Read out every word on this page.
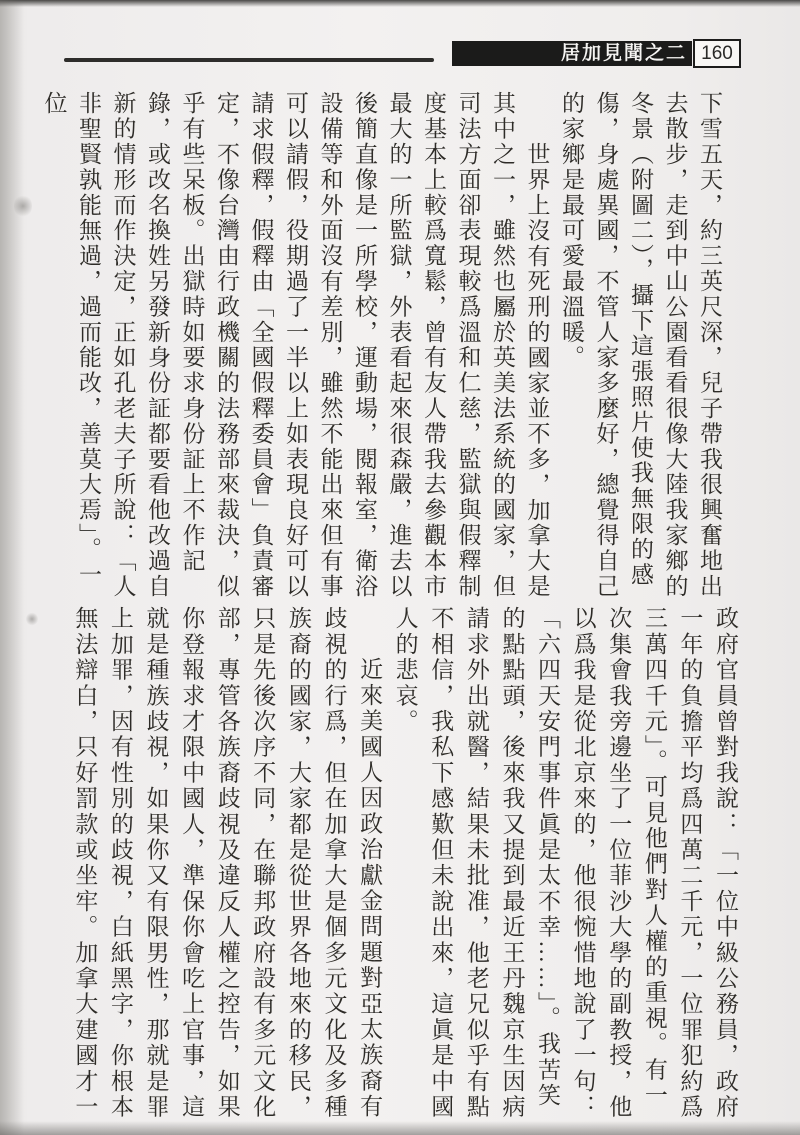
居加見聞之二 160

下雪五天，約三英尺深，兒子帶我很興奮地出去散步，走到中山公園看看很像大陸我家鄉的冬景（附圖二），攝下這張照片使我無限的感傷，身處異國，不管人家多麼好，總覺得自己的家鄉是最可愛最溫暖。

世界上沒有死刑的國家並不多，加拿大是其中之一，雖然也屬於英美法系統的國家，但司法方面卻表現較爲溫和仁慈，監獄與假釋制度基本上較爲寬鬆，曾有友人帶我去參觀本市最大的一所監獄，外表看起來很森嚴，進去以後簡直像是一所學校，運動場，閱報室，衛浴設備等和外面沒有差別，雖然不能出來但有事可以請假，役期過了一半以上如表現良好可以請求假釋，假釋由「全國假釋委員會」負責審定，不像台灣由行政機關的法務部來裁決，似乎有些呆板。出獄時如要求身份証上不作記錄，或改名換姓另發新身份証都要看他改過自新的情形而作決定，正如孔老夫子所說：「人非聖賢孰能無過，過而能改，善莫大焉」。一位

政府官員曾對我說：「一位中級公務員，政府一年的負擔平均爲四萬二千元，一位罪犯約爲三萬四千元」。可見他們對人權的重視。有一次集會我旁邊坐了一位菲沙大學的副教授，他以爲我是從北京來的，他很惋惜地說了一句：「六四天安門事件眞是太不幸……」。我苦笑的點點頭，後來我又提到最近王丹魏京生因病請求外出就醫，結果未批准，他老兄似乎有點不相信，我私下感歎但未說出來，這眞是中國人的悲哀。

近來美國人因政治獻金問題對亞太族裔有歧視的行爲，但在加拿大是個多元文化及多種族裔的國家，大家都是從世界各地來的移民，只是先後次序不同，在聯邦政府設有多元文化部，專管各族裔歧視及違反人權之控告，如果你登報求才限中國人，準保你會吃上官事，這就是種族歧視，如果你又有限男性，那就是罪上加罪，因有性別的歧視，白紙黑字，你根本無法辯白，只好罰款或坐牢。加拿大建國才一
